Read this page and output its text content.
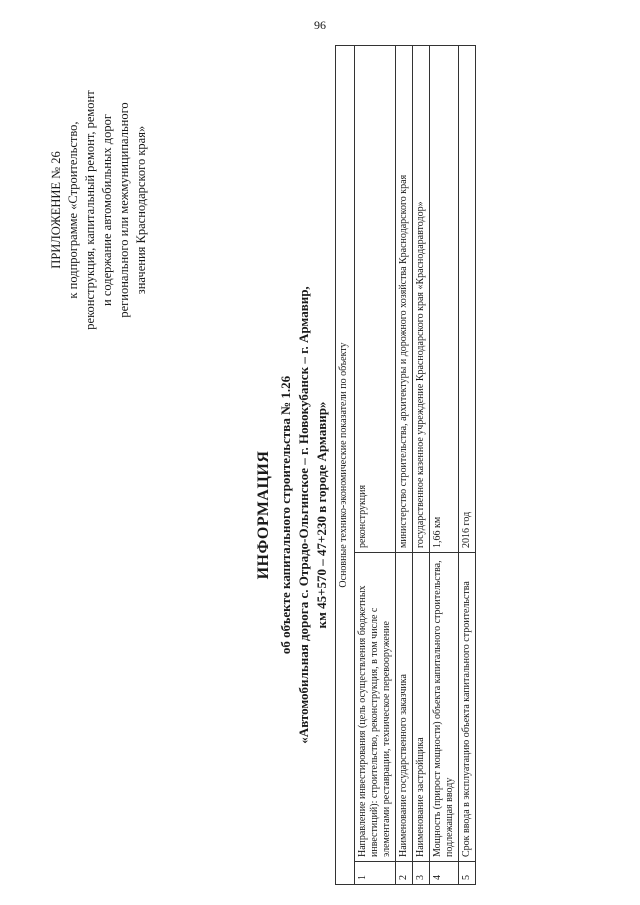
96
ПРИЛОЖЕНИЕ № 26 к подпрограмме «Строительство, реконструкция, капитальный ремонт, ремонт и содержание автомобильных дорог регионального или межмуниципального значения Краснодарского края»
ИНФОРМАЦИЯ об объекте капитального строительства № 1.26 «Автомобильная дорога с. Отрадо-Ольгинское – г. Новокубанск – г. Армавир, км 45+570 – 47+230 в городе Армавир» Основные технико-экономические показатели по объекту		
1	Направление инвестирования (цель осуществления бюджетных инвестиций): строительство, реконструкция, в том числе с элементами реставрации, техническое перевооружение	реконструкция
2	Наименование государственного заказчика	министерство строительства, архитектуры и дорожного хозяйства Краснодарского края
3	Наименование застройщика	государственное казенное учреждение Краснодарского края «Краснодаравтодор»
4	Мощность (прирост мощности) объекта капитального строительства, подлежащая вводу	1,66 км
5	Срок ввода в эксплуатацию объекта капитального строительства	2016 год
